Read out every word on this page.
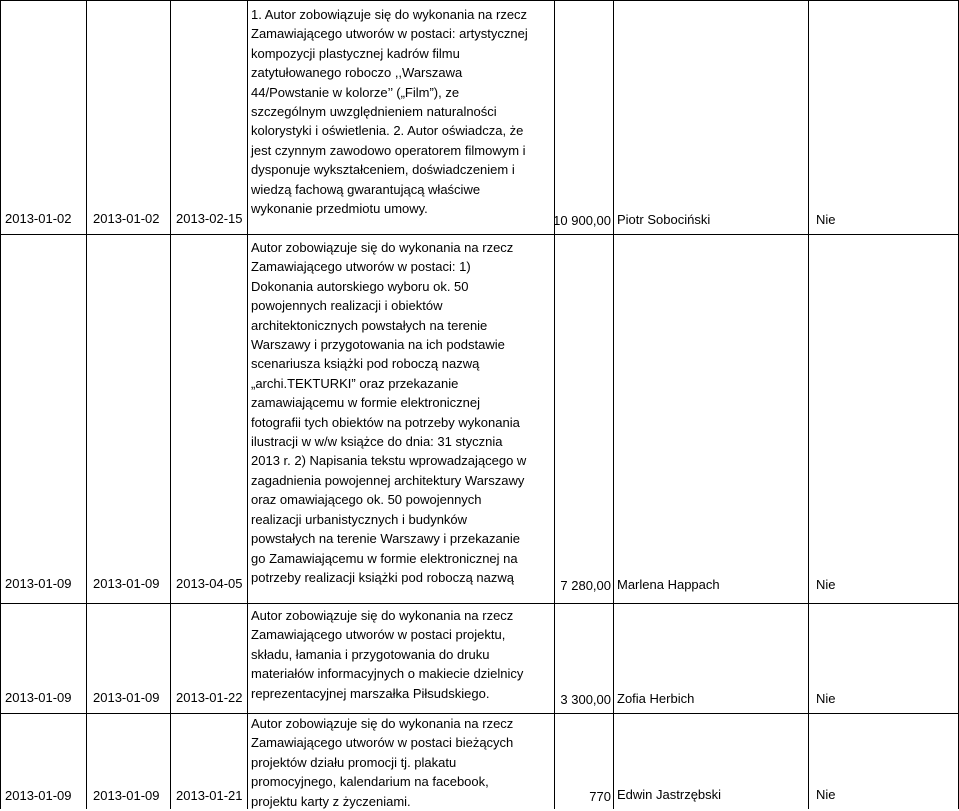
2013-01-02 2013-01-02 2013-02-15
1. Autor zobowiązuje się do wykonania na rzecz
Zamawiającego utworów w postaci: artystycznej
kompozycji plastycznej kadrów filmu
zatytułowanego roboczo ,,Warszawa
44/Powstanie w kolorze’’ („Film”), ze
szczególnym uwzględnieniem naturalności
kolorystyki i oświetlenia. 2. Autor oświadcza, że
jest czynnym zawodowo operatorem filmowym i
dysponuje wykształceniem, doświadczeniem i
wiedzą fachową gwarantującą właściwe
wykonanie przedmiotu umowy.
10 900,00 Piotr Sobociński	Nie
2013-01-09 2013-01-09 2013-04-05
Autor zobowiązuje się do wykonania na rzecz
Zamawiającego utworów w postaci: 1)
Dokonania autorskiego wyboru ok. 50
powojennych realizacji i obiektów
architektonicznych powstałych na terenie
Warszawy i przygotowania na ich podstawie
scenariusza książki pod roboczą nazwą
„archi.TEKTURKI” oraz przekazanie
zamawiającemu w formie elektronicznej
fotografii tych obiektów na potrzeby wykonania
ilustracji w w/w książce do dnia: 31 stycznia
2013 r. 2) Napisania tekstu wprowadzającego w
zagadnienia powojennej architektury Warszawy
oraz omawiającego ok. 50 powojennych
realizacji urbanistycznych i budynków
powstałych na terenie Warszawy i przekazanie
go Zamawiającemu w formie elektronicznej na
potrzeby realizacji książki pod roboczą nazwą
7 280,00 Marlena Happach	Nie
2013-01-09 2013-01-09 2013-01-22
Autor zobowiązuje się do wykonania na rzecz
Zamawiającego utworów w postaci projektu,
składu, łamania i przygotowania do druku
materiałów informacyjnych o makiecie dzielnicy
reprezentacyjnej marszałka Piłsudskiego.	3 300,00 Zofia Herbich	Nie
2013-01-09 2013-01-09 2013-01-21
Autor zobowiązuje się do wykonania na rzecz
Zamawiającego utworów w postaci bieżących
projektów działu promocji tj. plakatu
promocyjnego, kalendarium na facebook,
projektu karty z życzeniami.	770 Edwin Jastrzębski	Nie
